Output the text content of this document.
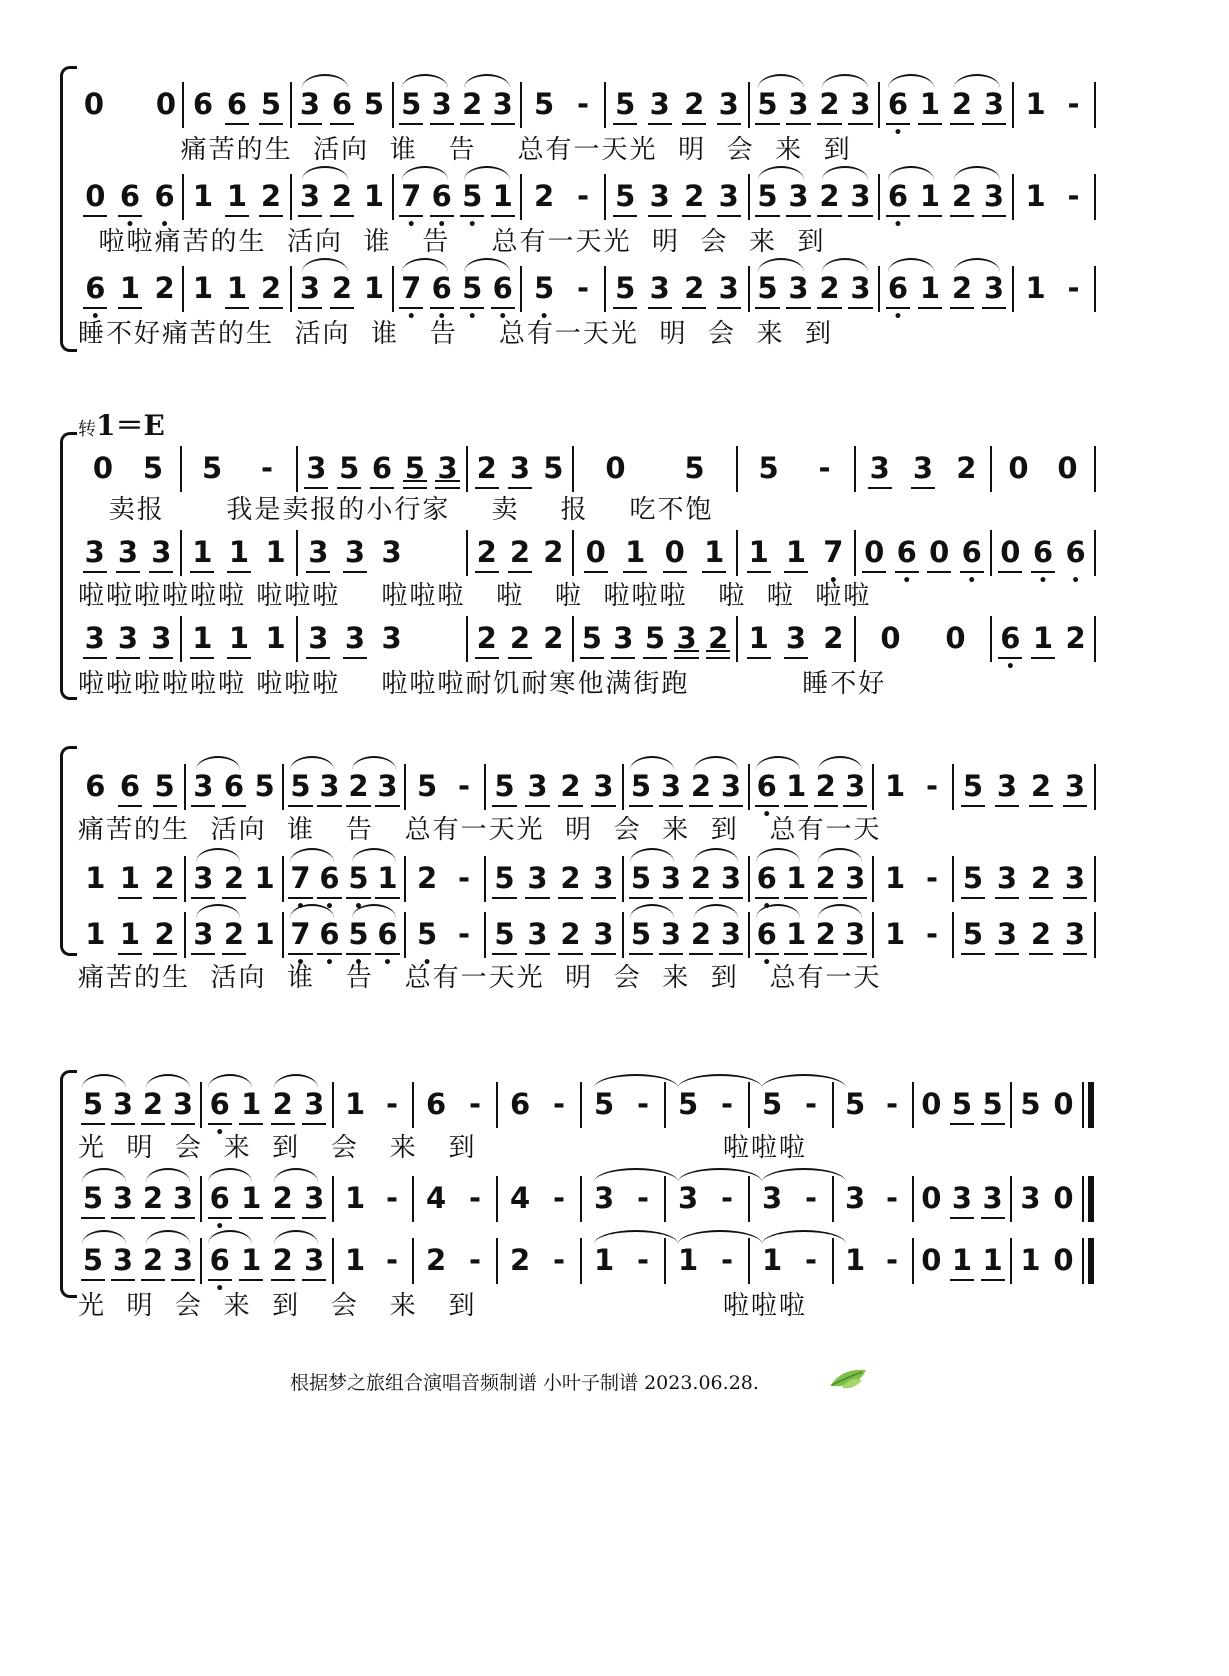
0 0 6 6 5 3 6 5 5 3 2 3 5 - 5 3 2 3 5 3 2 3 • 6 1 2 3 1 -
痛苦的生  活向  谁   告    总有一天光  明  会  来  到
0 • 6 • 6 1 1 2 3 2 1 • 7 • 6 • 5 1 2 - 5 3 2 3 5 3 2 3 • 6 1 2 3 1 -
啦啦痛苦的生  活向  谁   告    总有一天光  明  会  来  到
• 6 1 2 1 1 2 3 2 1 • 7 • 6 • 5 • 6 • 5 - 5 3 2 3 5 3 2 3 • 6 1 2 3 1 -
睡不好痛苦的生  活向  谁   告    总有一天光  明  会  来  到
转1＝E
0 5 5 - 3 5 6 5 3 2 3 5 0 5 5 - 3 3 2 0 0
卖报      我是卖报的小行家    卖    报    吃不饱
3 3 3 1 1 1 3 3 3	2 2 2 0 1 0 1 1 1 • 7 0 • 6 0 • 6 0 • 6 • 6
啦啦啦啦啦啦 啦啦啦    啦啦啦   啦   啦  啦啦啦   啦  啦  啦啦
3 3 3 1 1 1 3 3 3	2 2 2 5 3 5 3 2 1 3 2 0 0 • 6 1 2
啦啦啦啦啦啦 啦啦啦    啦啦啦耐饥耐寒他满街跑           睡不好
6 6 5 3 6 5 5 3 2 3 5 - 5 3 2 3 5 3 2 3 • 6 1 2 3 1 - 5 3 2 3
痛苦的生  活向  谁   告   总有一天光  明  会  来  到   总有一天
1 1 2 3 2 1 • 7 • 6 • 5 1 2 - 5 3 2 3 5 3 2 3 • 6 1 2 3 1 - 5 3 2 3
1 1 2 3 2 1 • 7 • 6 • 5 • 6 • 5 - 5 3 2 3 5 3 2 3 • 6 1 2 3 1 - 5 3 2 3
痛苦的生  活向  谁   告   总有一天光  明  会  来  到   总有一天
5 3 2 3 • 6 1 2 3 1 - 6 - 6 - 5 - 5 - 5 - 5 - 0 5 5 5 0
光  明  会  来  到   会   来   到                        啦啦啦
5 3 2 3 • 6 1 2 3 1 - 4 - 4 - 3 - 3 - 3 - 3 - 0 3 3 3 0
5 3 2 3 • 6 1 2 3 1 - 2 - 2 - 1 - 1 - 1 - 1 - 0 1 1 1 0
光  明  会  来  到   会   来   到                        啦啦啦
根据梦之旅组合演唱音频制谱 小叶子制谱 2023.06.28.
